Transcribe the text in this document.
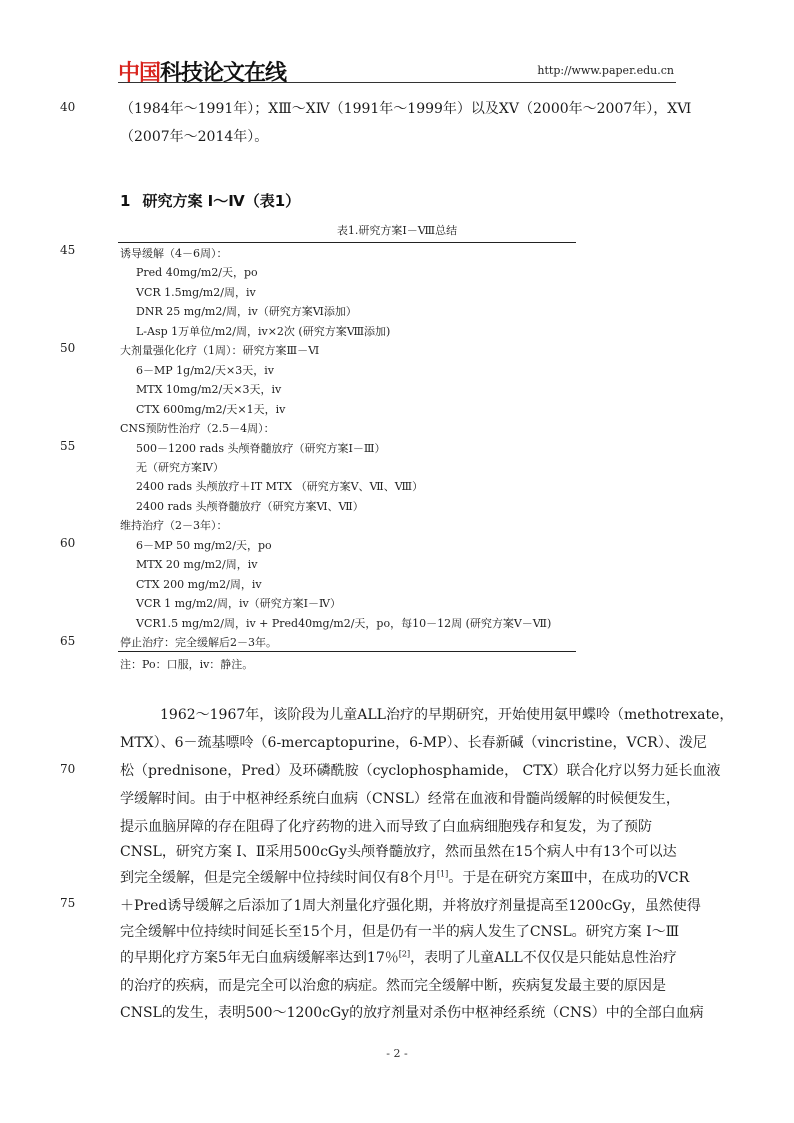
中国科技论文在线	http://www.paper.edu.cn
40
45
50
55
60
65
70
75
（1984年～1991年）；ⅩⅢ～ⅩⅣ（1991年～1999年）以及ⅩⅤ（2000年～2007年），ⅩⅥ
（2007年～2014年）。
1 研究方案 Ⅰ～Ⅳ（表1）
表1.研究方案Ⅰ－Ⅷ总结
诱导缓解（4－6周）：
Pred 40mg/m2/天，po
VCR 1.5mg/m2/周，iv
DNR 25 mg/m2/周，iv（研究方案Ⅵ添加）
L-Asp 1万单位/m2/周，iv×2次 (研究方案Ⅷ添加)
大剂量强化化疗（1周）：研究方案Ⅲ－Ⅵ
6－MP 1g/m2/天×3天，iv
MTX 10mg/m2/天×3天，iv
CTX 600mg/m2/天×1天，iv
CNS预防性治疗（2.5－4周）：
500－1200 rads 头颅脊髓放疗（研究方案Ⅰ－Ⅲ）
无（研究方案Ⅳ）
2400 rads 头颅放疗＋IT MTX （研究方案Ⅴ、Ⅶ、Ⅷ）
2400 rads 头颅脊髓放疗（研究方案Ⅵ、Ⅶ）
维持治疗（2－3年）：
6－MP 50 mg/m2/天，po
MTX 20 mg/m2/周，iv
CTX 200 mg/m2/周，iv
VCR 1 mg/m2/周，iv（研究方案Ⅰ－Ⅳ）
VCR1.5 mg/m2/周，iv + Pred40mg/m2/天，po，每10－12周 (研究方案Ⅴ－Ⅶ)
停止治疗：完全缓解后2－3年。
注：Po：口服，iv：静注。
1962～1967年，该阶段为儿童ALL治疗的早期研究，开始使用氨甲蝶呤（methotrexate，
MTX）、6－巯基嘌呤（6-mercaptopurine，6-MP）、长春新碱（vincristine，VCR）、泼尼
松（prednisone，Pred）及环磷酰胺（cyclophosphamide， CTX）联合化疗以努力延长血液
学缓解时间。由于中枢神经系统白血病（CNSL）经常在血液和骨髓尚缓解的时候便发生，
提示血脑屏障的存在阻碍了化疗药物的进入而导致了白血病细胞残存和复发，为了预防
CNSL，研究方案 Ⅰ、Ⅱ采用500cGy头颅脊髓放疗，然而虽然在15个病人中有13个可以达
到完全缓解，但是完全缓解中位持续时间仅有8个月[1]。于是在研究方案Ⅲ中，在成功的VCR
＋Pred诱导缓解之后添加了1周大剂量化疗强化期，并将放疗剂量提高至1200cGy，虽然使得
完全缓解中位持续时间延长至15个月，但是仍有一半的病人发生了CNSL。研究方案 Ⅰ～Ⅲ
的早期化疗方案5年无白血病缓解率达到17％[2]，表明了儿童ALL不仅仅是只能姑息性治疗
的治疗的疾病，而是完全可以治愈的病症。然而完全缓解中断，疾病复发最主要的原因是
CNSL的发生，表明500～1200cGy的放疗剂量对杀伤中枢神经系统（CNS）中的全部白血病
- 2 -
